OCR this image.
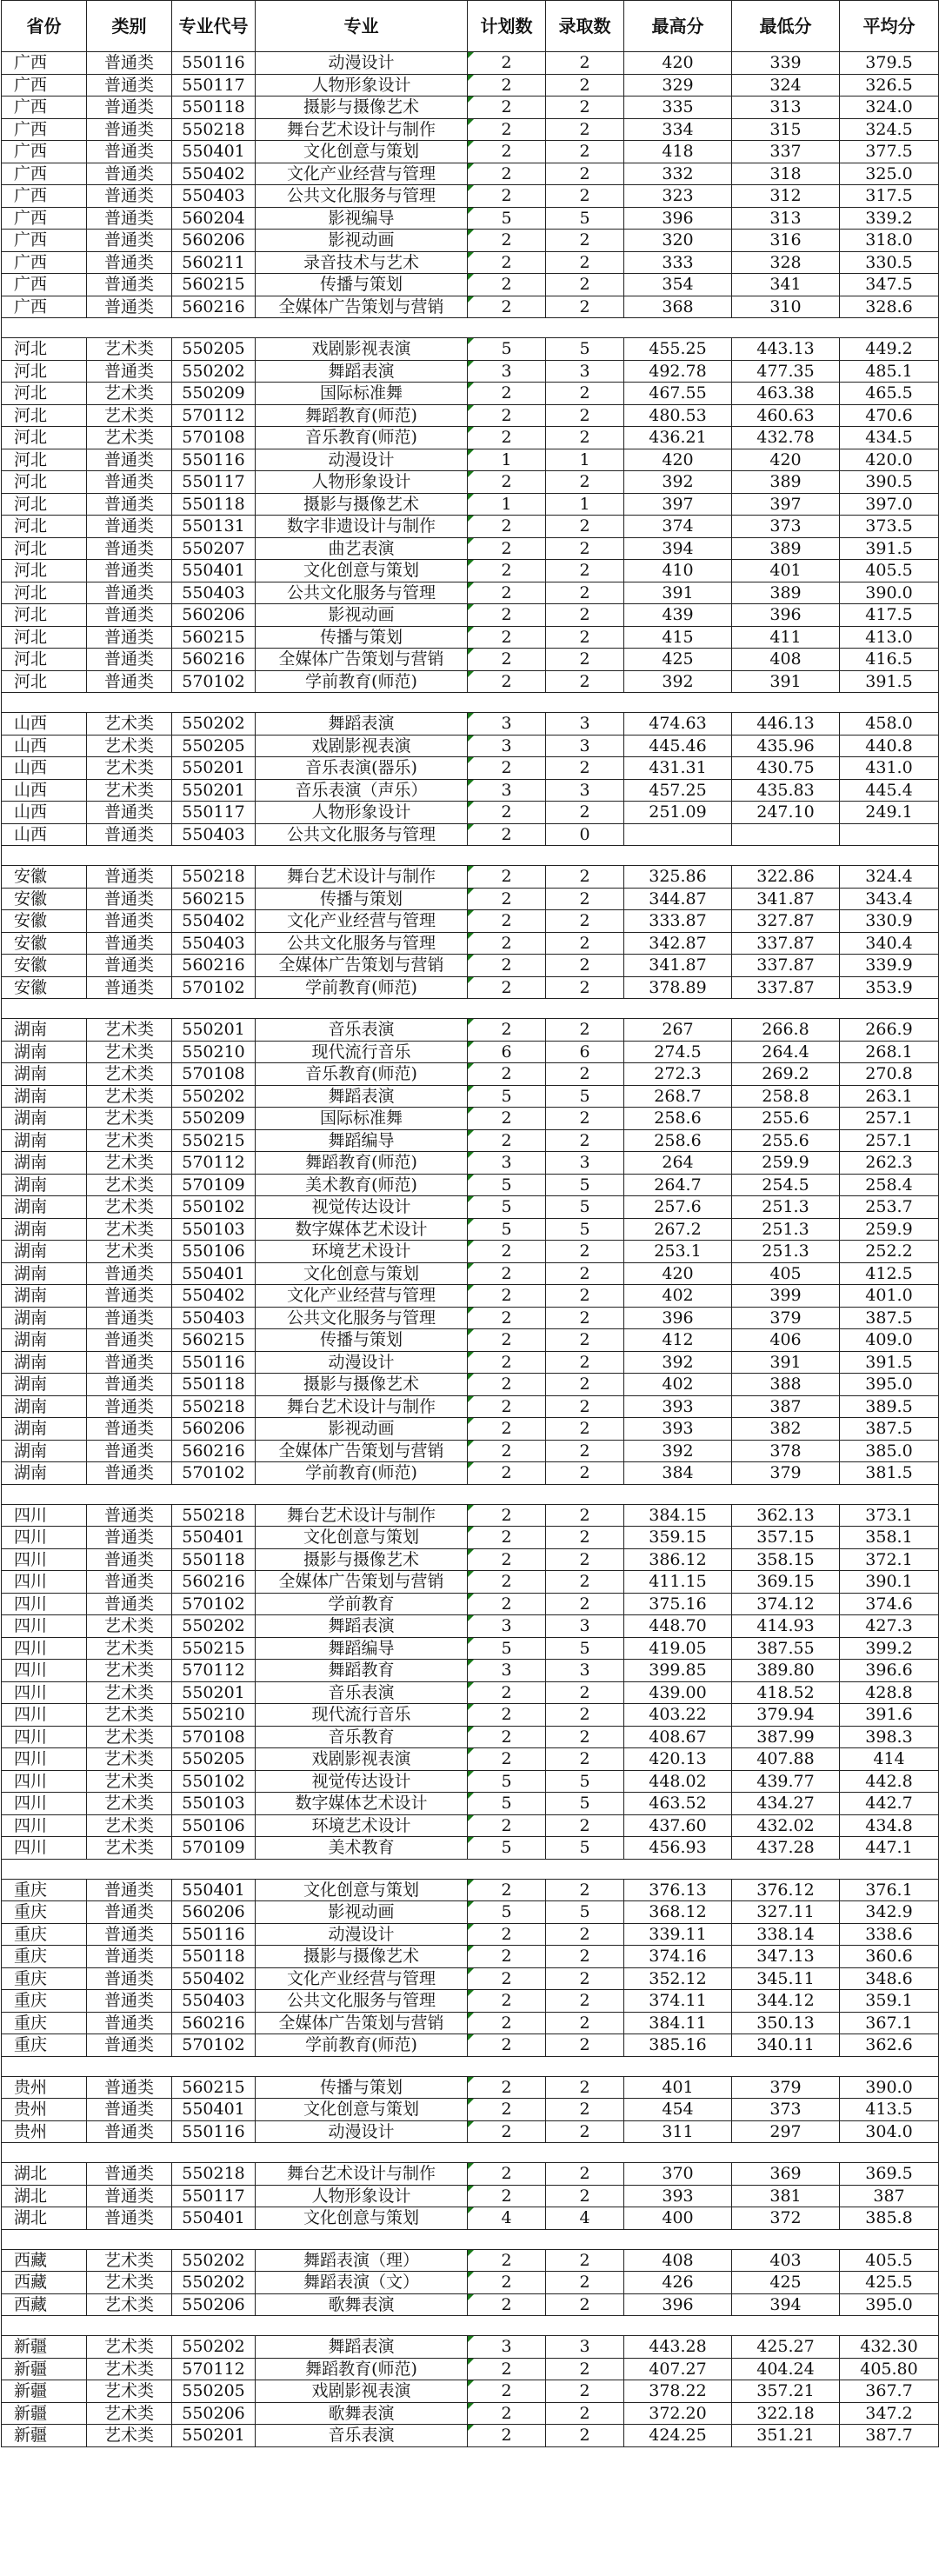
省份	类别	专业代号	专业	计划数	录取数	最高分	最低分	平均分
广西	普通类	550116	动漫设计	2	2	420	339	379.5
广西	普通类	550117	人物形象设计	2	2	329	324	326.5
广西	普通类	550118	摄影与摄像艺术	2	2	335	313	324.0
广西	普通类	550218	舞台艺术设计与制作	2	2	334	315	324.5
广西	普通类	550401	文化创意与策划	2	2	418	337	377.5
广西	普通类	550402	文化产业经营与管理	2	2	332	318	325.0
广西	普通类	550403	公共文化服务与管理	2	2	323	312	317.5
广西	普通类	560204	影视编导	5	5	396	313	339.2
广西	普通类	560206	影视动画	2	2	320	316	318.0
广西	普通类	560211	录音技术与艺术	2	2	333	328	330.5
广西	普通类	560215	传播与策划	2	2	354	341	347.5
广西	普通类	560216	全媒体广告策划与营销	2	2	368	310	328.6

河北	艺术类	550205	戏剧影视表演	5	5	455.25	443.13	449.2
河北	普通类	550202	舞蹈表演	3	3	492.78	477.35	485.1
河北	艺术类	550209	国际标准舞	2	2	467.55	463.38	465.5
河北	艺术类	570112	舞蹈教育(师范)	2	2	480.53	460.63	470.6
河北	艺术类	570108	音乐教育(师范)	2	2	436.21	432.78	434.5
河北	普通类	550116	动漫设计	1	1	420	420	420.0
河北	普通类	550117	人物形象设计	2	2	392	389	390.5
河北	普通类	550118	摄影与摄像艺术	1	1	397	397	397.0
河北	普通类	550131	数字非遗设计与制作	2	2	374	373	373.5
河北	普通类	550207	曲艺表演	2	2	394	389	391.5
河北	普通类	550401	文化创意与策划	2	2	410	401	405.5
河北	普通类	550403	公共文化服务与管理	2	2	391	389	390.0
河北	普通类	560206	影视动画	2	2	439	396	417.5
河北	普通类	560215	传播与策划	2	2	415	411	413.0
河北	普通类	560216	全媒体广告策划与营销	2	2	425	408	416.5
河北	普通类	570102	学前教育(师范)	2	2	392	391	391.5

山西	艺术类	550202	舞蹈表演	3	3	474.63	446.13	458.0
山西	艺术类	550205	戏剧影视表演	3	3	445.46	435.96	440.8
山西	艺术类	550201	音乐表演(器乐)	2	2	431.31	430.75	431.0
山西	艺术类	550201	音乐表演（声乐）	3	3	457.25	435.83	445.4
山西	普通类	550117	人物形象设计	2	2	251.09	247.10	249.1
山西	普通类	550403	公共文化服务与管理	2	0			

安徽	普通类	550218	舞台艺术设计与制作	2	2	325.86	322.86	324.4
安徽	普通类	560215	传播与策划	2	2	344.87	341.87	343.4
安徽	普通类	550402	文化产业经营与管理	2	2	333.87	327.87	330.9
安徽	普通类	550403	公共文化服务与管理	2	2	342.87	337.87	340.4
安徽	普通类	560216	全媒体广告策划与营销	2	2	341.87	337.87	339.9
安徽	普通类	570102	学前教育(师范)	2	2	378.89	337.87	353.9

湖南	艺术类	550201	音乐表演	2	2	267	266.8	266.9
湖南	艺术类	550210	现代流行音乐	6	6	274.5	264.4	268.1
湖南	艺术类	570108	音乐教育(师范)	2	2	272.3	269.2	270.8
湖南	艺术类	550202	舞蹈表演	5	5	268.7	258.8	263.1
湖南	艺术类	550209	国际标准舞	2	2	258.6	255.6	257.1
湖南	艺术类	550215	舞蹈编导	2	2	258.6	255.6	257.1
湖南	艺术类	570112	舞蹈教育(师范)	3	3	264	259.9	262.3
湖南	艺术类	570109	美术教育(师范)	5	5	264.7	254.5	258.4
湖南	艺术类	550102	视觉传达设计	5	5	257.6	251.3	253.7
湖南	艺术类	550103	数字媒体艺术设计	5	5	267.2	251.3	259.9
湖南	艺术类	550106	环境艺术设计	2	2	253.1	251.3	252.2
湖南	普通类	550401	文化创意与策划	2	2	420	405	412.5
湖南	普通类	550402	文化产业经营与管理	2	2	402	399	401.0
湖南	普通类	550403	公共文化服务与管理	2	2	396	379	387.5
湖南	普通类	560215	传播与策划	2	2	412	406	409.0
湖南	普通类	550116	动漫设计	2	2	392	391	391.5
湖南	普通类	550118	摄影与摄像艺术	2	2	402	388	395.0
湖南	普通类	550218	舞台艺术设计与制作	2	2	393	387	389.5
湖南	普通类	560206	影视动画	2	2	393	382	387.5
湖南	普通类	560216	全媒体广告策划与营销	2	2	392	378	385.0
湖南	普通类	570102	学前教育(师范)	2	2	384	379	381.5

四川	普通类	550218	舞台艺术设计与制作	2	2	384.15	362.13	373.1
四川	普通类	550401	文化创意与策划	2	2	359.15	357.15	358.1
四川	普通类	550118	摄影与摄像艺术	2	2	386.12	358.15	372.1
四川	普通类	560216	全媒体广告策划与营销	2	2	411.15	369.15	390.1
四川	普通类	570102	学前教育	2	2	375.16	374.12	374.6
四川	艺术类	550202	舞蹈表演	3	3	448.70	414.93	427.3
四川	艺术类	550215	舞蹈编导	5	5	419.05	387.55	399.2
四川	艺术类	570112	舞蹈教育	3	3	399.85	389.80	396.6
四川	艺术类	550201	音乐表演	2	2	439.00	418.52	428.8
四川	艺术类	550210	现代流行音乐	2	2	403.22	379.94	391.6
四川	艺术类	570108	音乐教育	2	2	408.67	387.99	398.3
四川	艺术类	550205	戏剧影视表演	2	2	420.13	407.88	414
四川	艺术类	550102	视觉传达设计	5	5	448.02	439.77	442.8
四川	艺术类	550103	数字媒体艺术设计	5	5	463.52	434.27	442.7
四川	艺术类	550106	环境艺术设计	2	2	437.60	432.02	434.8
四川	艺术类	570109	美术教育	5	5	456.93	437.28	447.1

重庆	普通类	550401	文化创意与策划	2	2	376.13	376.12	376.1
重庆	普通类	560206	影视动画	5	5	368.12	327.11	342.9
重庆	普通类	550116	动漫设计	2	2	339.11	338.14	338.6
重庆	普通类	550118	摄影与摄像艺术	2	2	374.16	347.13	360.6
重庆	普通类	550402	文化产业经营与管理	2	2	352.12	345.11	348.6
重庆	普通类	550403	公共文化服务与管理	2	2	374.11	344.12	359.1
重庆	普通类	560216	全媒体广告策划与营销	2	2	384.11	350.13	367.1
重庆	普通类	570102	学前教育(师范)	2	2	385.16	340.11	362.6

贵州	普通类	560215	传播与策划	2	2	401	379	390.0
贵州	普通类	550401	文化创意与策划	2	2	454	373	413.5
贵州	普通类	550116	动漫设计	2	2	311	297	304.0

湖北	普通类	550218	舞台艺术设计与制作	2	2	370	369	369.5
湖北	普通类	550117	人物形象设计	2	2	393	381	387
湖北	普通类	550401	文化创意与策划	4	4	400	372	385.8

西藏	艺术类	550202	舞蹈表演（理）	2	2	408	403	405.5
西藏	艺术类	550202	舞蹈表演（文）	2	2	426	425	425.5
西藏	艺术类	550206	歌舞表演	2	2	396	394	395.0

新疆	艺术类	550202	舞蹈表演	3	3	443.28	425.27	432.30
新疆	艺术类	570112	舞蹈教育(师范)	2	2	407.27	404.24	405.80
新疆	艺术类	550205	戏剧影视表演	2	2	378.22	357.21	367.7
新疆	艺术类	550206	歌舞表演	2	2	372.20	322.18	347.2
新疆	艺术类	550201	音乐表演	2	2	424.25	351.21	387.7
